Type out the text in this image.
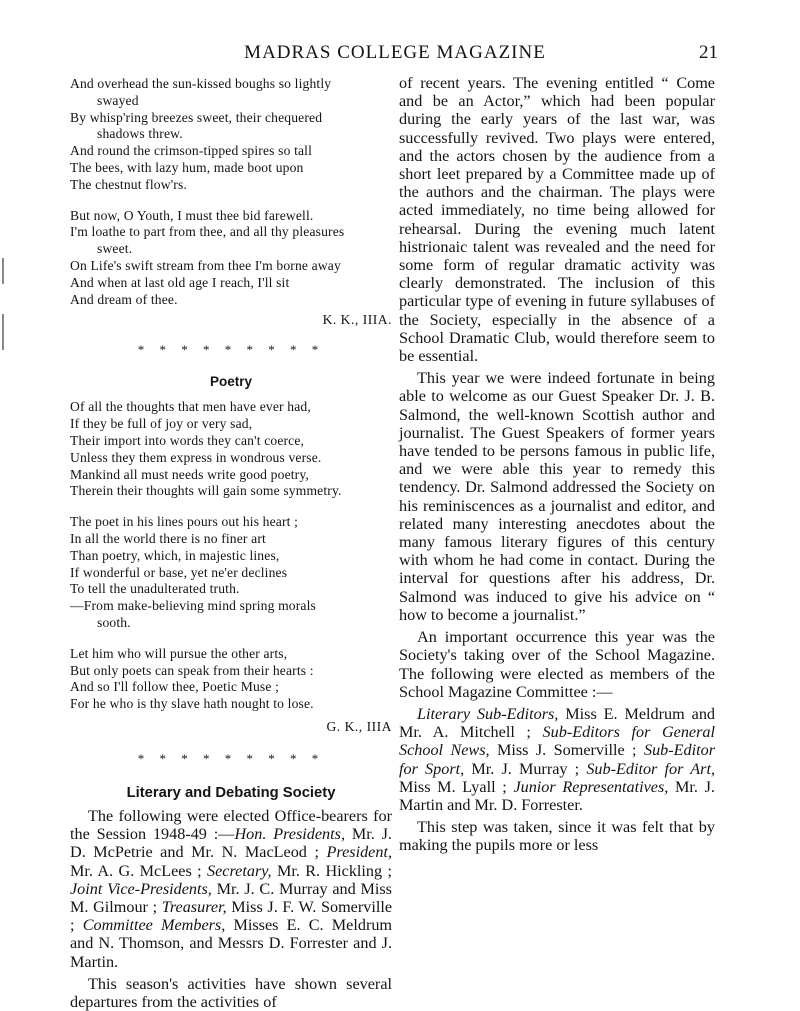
MADRAS COLLEGE MAGAZINE	21
And overhead the sun-kissed boughs so lightly
swayed
By whisp'ring breezes sweet, their chequered
shadows threw.
And round the crimson-tipped spires so tall
The bees, with lazy hum, made boot upon
The chestnut flow'rs.
But now, O Youth, I must thee bid farewell.
I'm loathe to part from thee, and all thy pleasures
sweet.
On Life's swift stream from thee I'm borne away
And when at last old age I reach, I'll sit
And dream of thee.
K. K., IIIA.
* * * * * * * * *
Poetry
Of all the thoughts that men have ever had,
If they be full of joy or very sad,
Their import into words they can't coerce,
Unless they them express in wondrous verse.
Mankind all must needs write good poetry,
Therein their thoughts will gain some symmetry.
The poet in his lines pours out his heart ;
In all the world there is no finer art
Than poetry, which, in majestic lines,
If wonderful or base, yet ne'er declines
To tell the unadulterated truth.
—From make-believing mind spring morals
sooth.
Let him who will pursue the other arts,
But only poets can speak from their hearts :
And so I'll follow thee, Poetic Muse ;
For he who is thy slave hath nought to lose.
G. K., IIIA
* * * * * * * * *
Literary and Debating Society

The following were elected Office-bearers for the Session 1948-49 :—Hon. Presidents, Mr. J. D. McPetrie and Mr. N. MacLeod ; President, Mr. A. G. McLees ; Secretary, Mr. R. Hickling ; Joint Vice-Presidents, Mr. J. C. Murray and Miss M. Gilmour ; Treasurer, Miss J. F. W. Somerville ; Committee Members, Misses E. C. Meldrum and N. Thomson, and Messrs D. Forrester and J. Martin.

This season's activities have shown several departures from the activities of

of recent years. The evening entitled “ Come and be an Actor,” which had been popular during the early years of the last war, was successfully revived. Two plays were entered, and the actors chosen by the audience from a short leet prepared by a Committee made up of the authors and the chairman. The plays were acted immediately, no time being allowed for rehearsal. During the evening much latent histrionaic talent was revealed and the need for some form of regular dramatic activity was clearly demonstrated. The inclusion of this particular type of evening in future syllabuses of the Society, especially in the absence of a School Dramatic Club, would therefore seem to be essential.

This year we were indeed fortunate in being able to welcome as our Guest Speaker Dr. J. B. Salmond, the well-known Scottish author and journalist. The Guest Speakers of former years have tended to be persons famous in public life, and we were able this year to remedy this tendency. Dr. Salmond addressed the Society on his reminiscences as a journalist and editor, and related many interesting anecdotes about the many famous literary figures of this century with whom he had come in contact. During the interval for questions after his address, Dr. Salmond was induced to give his advice on “ how to become a journalist.”

An important occurrence this year was the Society's taking over of the School Magazine. The following were elected as members of the School Magazine Committee :—

Literary Sub-Editors, Miss E. Meldrum and Mr. A. Mitchell ; Sub-Editors for General School News, Miss J. Somerville ; Sub-Editor for Sport, Mr. J. Murray ; Sub-Editor for Art, Miss M. Lyall ; Junior Representatives, Mr. J. Martin and Mr. D. Forrester.

This step was taken, since it was felt that by making the pupils more or less
